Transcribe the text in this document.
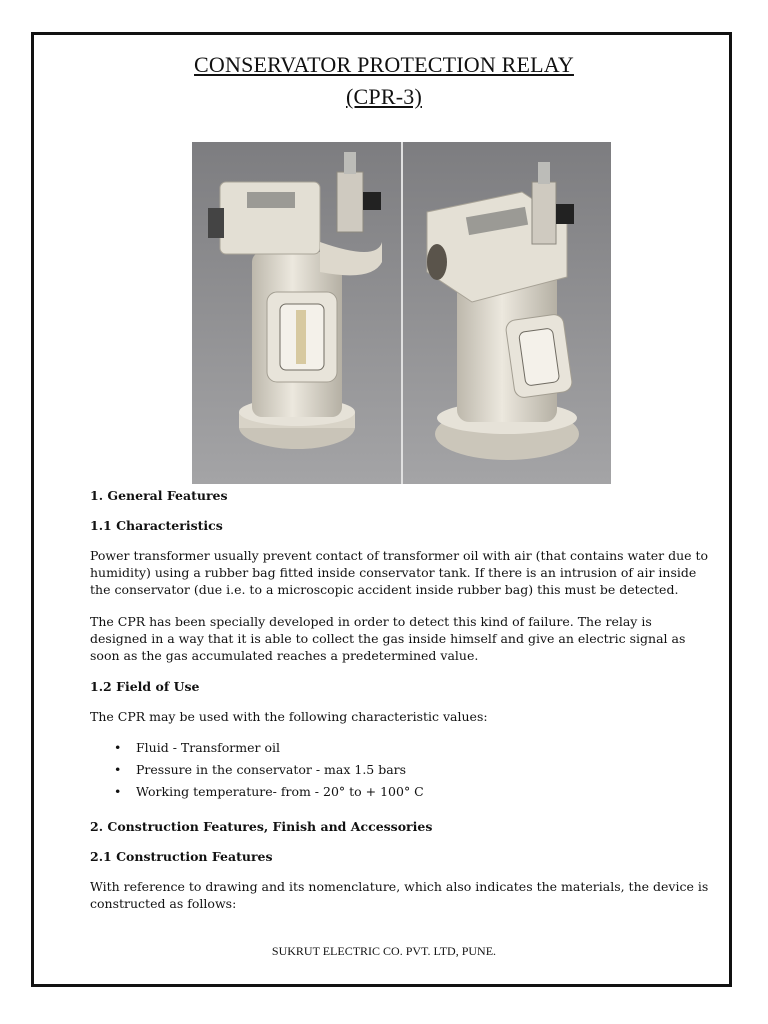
CONSERVATOR PROTECTION RELAY
(CPR-3)
1. General Features
1.1 Characteristics
Power transformer usually prevent contact of transformer oil with air (that contains water due to humidity) using a rubber bag fitted inside conservator tank. If there is an intrusion of air inside the conservator (due i.e. to a microscopic accident inside rubber bag) this must be detected.
The CPR has been specially developed in order to detect this kind of failure. The relay is designed in a way that it is able to collect the gas inside himself and give an electric signal as soon as the gas accumulated reaches a predetermined value.
1.2 Field of Use
The CPR may be used with the following characteristic values:
• Fluid - Transformer oil
• Pressure in the conservator - max 1.5 bars
• Working temperature- from - 20° to + 100° C
2. Construction Features, Finish and Accessories
2.1 Construction Features
With reference to drawing and its nomenclature, which also indicates the materials, the device is constructed as follows:
SUKRUT ELECTRIC CO. PVT. LTD, PUNE.
